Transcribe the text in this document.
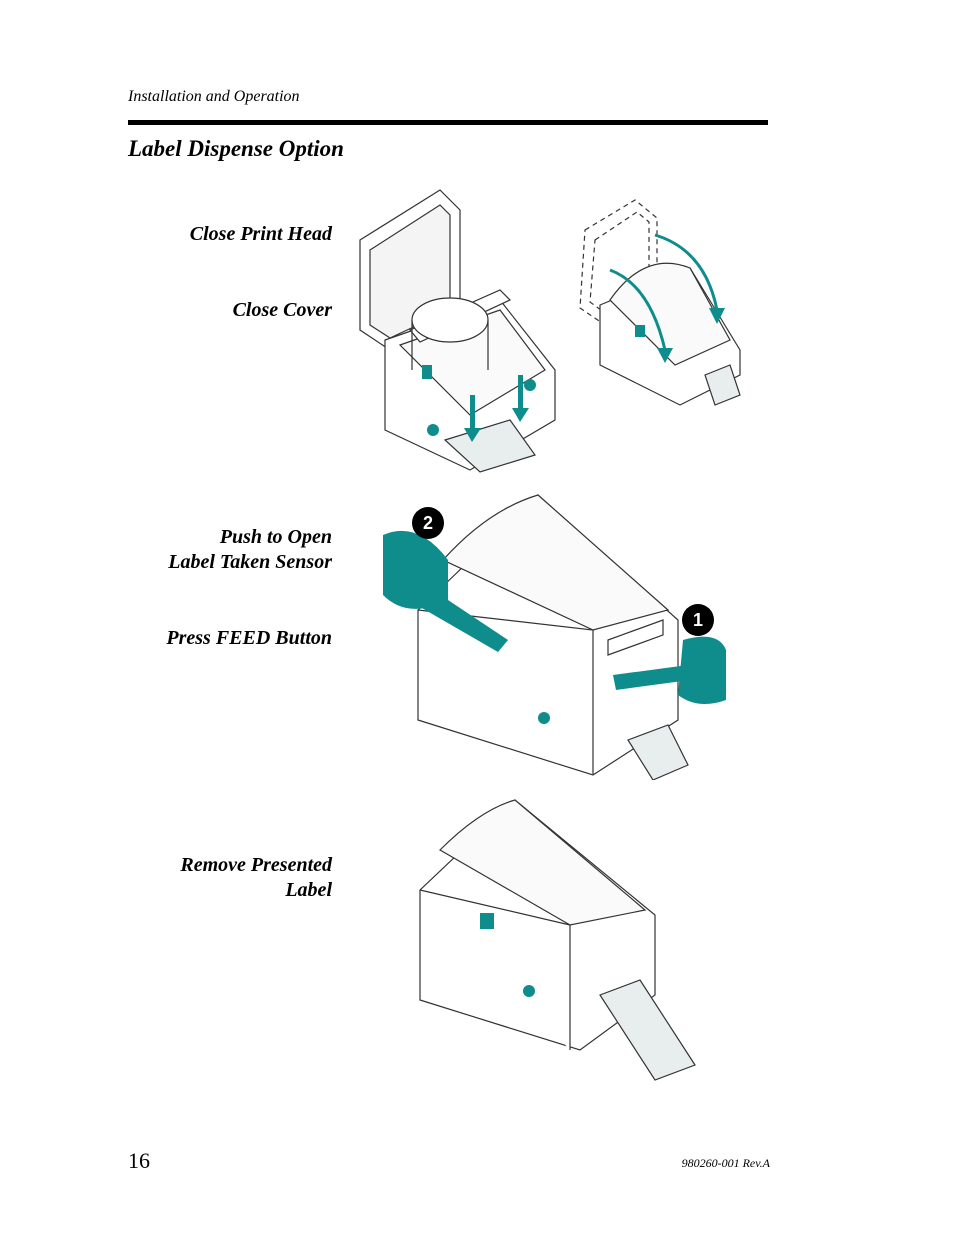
Installation and Operation
Label Dispense Option
Close Print Head
Close Cover
Push to Open
Label Taken Sensor
Press FEED Button
Remove Presented
Label
2
1
16	980260-001 Rev.A
